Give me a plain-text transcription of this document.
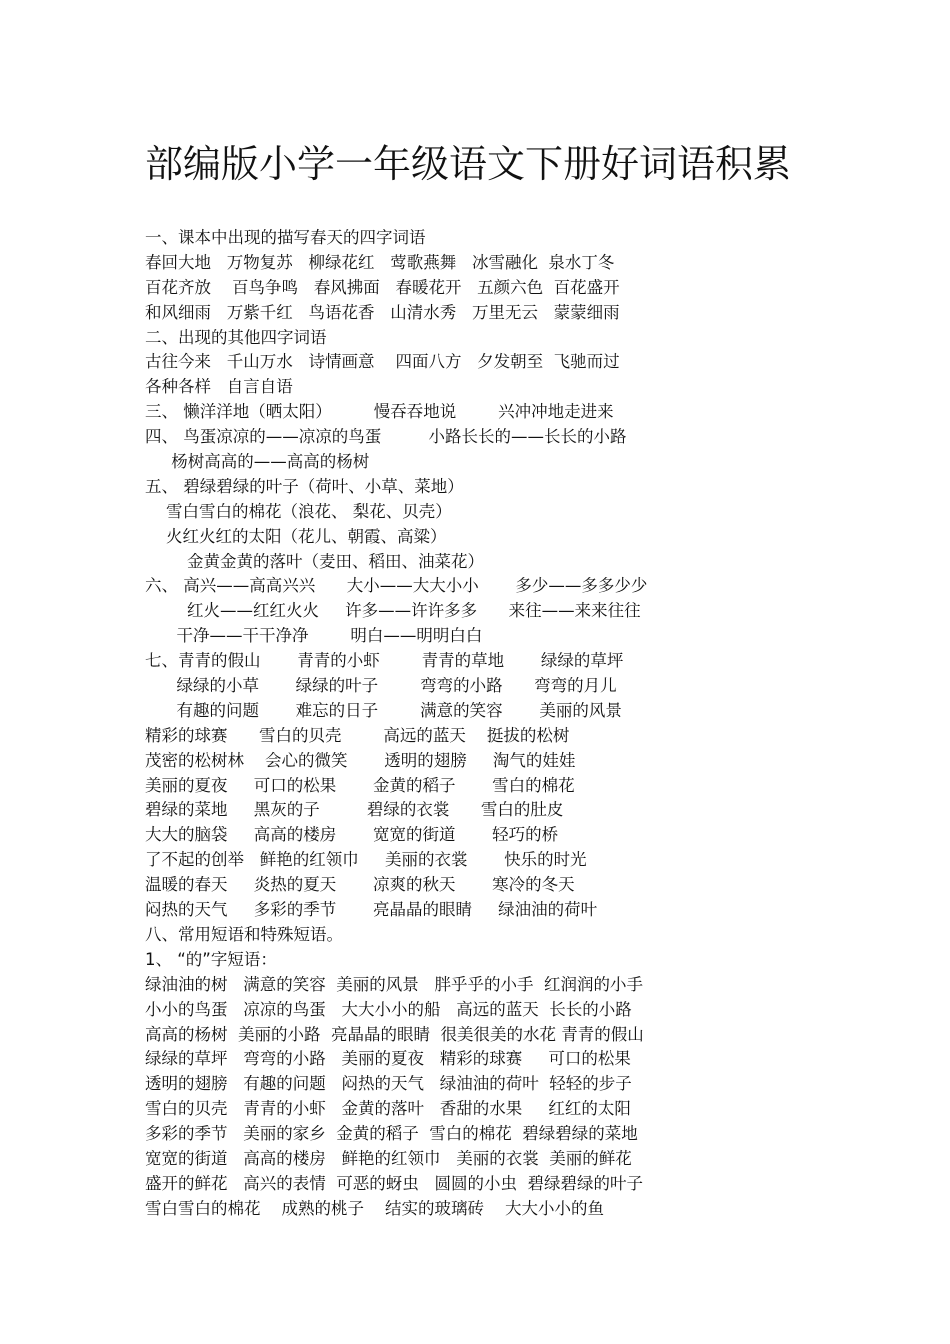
部编版小学一年级语文下册好词语积累

一、课本中出现的描写春天的四字词语

春回大地   万物复苏   柳绿花红   莺歌燕舞   冰雪融化  泉水丁冬

百花齐放    百鸟争鸣   春风拂面   春暖花开   五颜六色  百花盛开

和风细雨   万紫千红   鸟语花香   山清水秀   万里无云   蒙蒙细雨

二、出现的其他四字词语

古往今来   千山万水   诗情画意    四面八方   夕发朝至  飞驰而过

各种各样   自言自语

三、 懒洋洋地（晒太阳）        慢吞吞地说        兴冲冲地走进来

四、 鸟蛋凉凉的——凉凉的鸟蛋         小路长长的——长长的小路

杨树高高的——高高的杨树

五、 碧绿碧绿的叶子（荷叶、小草、菜地）

雪白雪白的棉花（浪花、 梨花、贝壳）

火红火红的太阳（花儿、朝霞、高粱）

金黄金黄的落叶（麦田、稻田、油菜花）

六、 高兴——高高兴兴      大小——大大小小       多少——多多少少

红火——红红火火     许多——许许多多      来往——来来往往

干净——干干净净        明白——明明白白

七、青青的假山       青青的小虾        青青的草地       绿绿的草坪

绿绿的小草       绿绿的叶子        弯弯的小路      弯弯的月儿

有趣的问题       难忘的日子        满意的笑容       美丽的风景

精彩的球赛      雪白的贝壳        高远的蓝天    挺拔的松树

茂密的松树林    会心的微笑       透明的翅膀     淘气的娃娃

美丽的夏夜     可口的松果       金黄的稻子       雪白的棉花

碧绿的菜地     黑灰的子         碧绿的衣裳      雪白的肚皮

大大的脑袋     高高的楼房       宽宽的街道       轻巧的桥

了不起的创举   鲜艳的红领巾     美丽的衣裳       快乐的时光

温暖的春天     炎热的夏天       凉爽的秋天       寒冷的冬天

闷热的天气     多彩的季节       亮晶晶的眼睛     绿油油的荷叶

八、常用短语和特殊短语。

1、 “的”字短语：

绿油油的树   满意的笑容  美丽的风景   胖乎乎的小手  红润润的小手

小小的鸟蛋   凉凉的鸟蛋   大大小小的船   高远的蓝天  长长的小路

高高的杨树  美丽的小路  亮晶晶的眼睛  很美很美的水花 青青的假山

绿绿的草坪   弯弯的小路   美丽的夏夜   精彩的球赛     可口的松果

透明的翅膀   有趣的问题   闷热的天气   绿油油的荷叶  轻轻的步子

雪白的贝壳   青青的小虾   金黄的落叶   香甜的水果     红红的太阳

多彩的季节   美丽的家乡  金黄的稻子  雪白的棉花  碧绿碧绿的菜地

宽宽的街道   高高的楼房   鲜艳的红领巾   美丽的衣裳  美丽的鲜花

盛开的鲜花   高兴的表情  可恶的蚜虫   圆圆的小虫  碧绿碧绿的叶子

雪白雪白的棉花    成熟的桃子    结实的玻璃砖    大大小小的鱼
